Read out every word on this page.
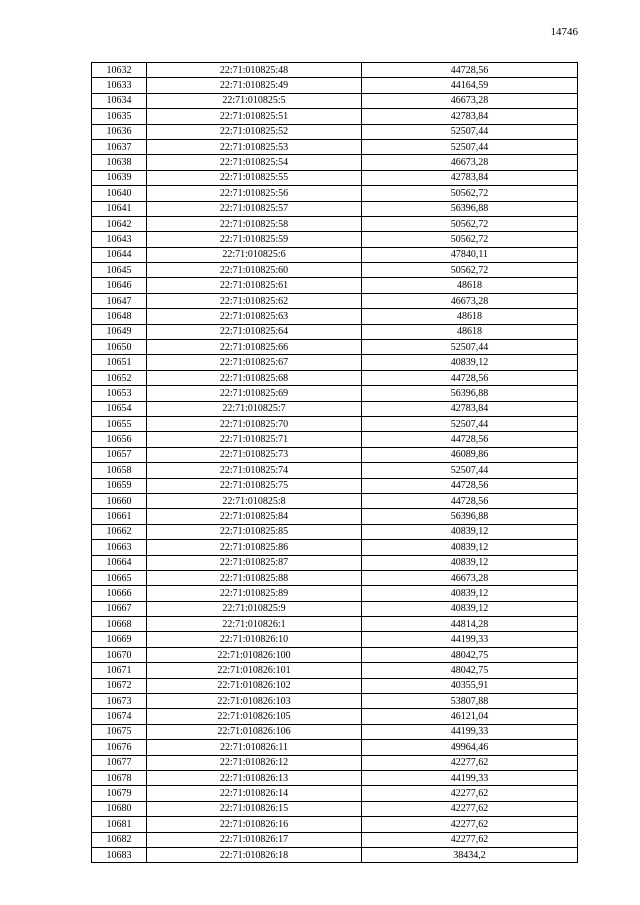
14746
10632	22:71:010825:48	44728,56
10633	22:71:010825:49	44164,59
10634	22:71:010825:5	46673,28
10635	22:71:010825:51	42783,84
10636	22:71:010825:52	52507,44
10637	22:71:010825:53	52507,44
10638	22:71:010825:54	46673,28
10639	22:71:010825:55	42783,84
10640	22:71:010825:56	50562,72
10641	22:71:010825:57	56396,88
10642	22:71:010825:58	50562,72
10643	22:71:010825:59	50562,72
10644	22:71:010825:6	47840,11
10645	22:71:010825:60	50562,72
10646	22:71:010825:61	48618
10647	22:71:010825:62	46673,28
10648	22:71:010825:63	48618
10649	22:71:010825:64	48618
10650	22:71:010825:66	52507,44
10651	22:71:010825:67	40839,12
10652	22:71:010825:68	44728,56
10653	22:71:010825:69	56396,88
10654	22:71:010825:7	42783,84
10655	22:71:010825:70	52507,44
10656	22:71:010825:71	44728,56
10657	22:71:010825:73	46089,86
10658	22:71:010825:74	52507,44
10659	22:71:010825:75	44728,56
10660	22:71:010825:8	44728,56
10661	22:71:010825:84	56396,88
10662	22:71:010825:85	40839,12
10663	22:71:010825:86	40839,12
10664	22:71:010825:87	40839,12
10665	22:71:010825:88	46673,28
10666	22:71:010825:89	40839,12
10667	22:71:010825:9	40839,12
10668	22:71:010826:1	44814,28
10669	22:71:010826:10	44199,33
10670	22:71:010826:100	48042,75
10671	22:71:010826:101	48042,75
10672	22:71:010826:102	40355,91
10673	22:71:010826:103	53807,88
10674	22:71:010826:105	46121,04
10675	22:71:010826:106	44199,33
10676	22:71:010826:11	49964,46
10677	22:71:010826:12	42277,62
10678	22:71:010826:13	44199,33
10679	22:71:010826:14	42277,62
10680	22:71:010826:15	42277,62
10681	22:71:010826:16	42277,62
10682	22:71:010826:17	42277,62
10683	22:71:010826:18	38434,2
